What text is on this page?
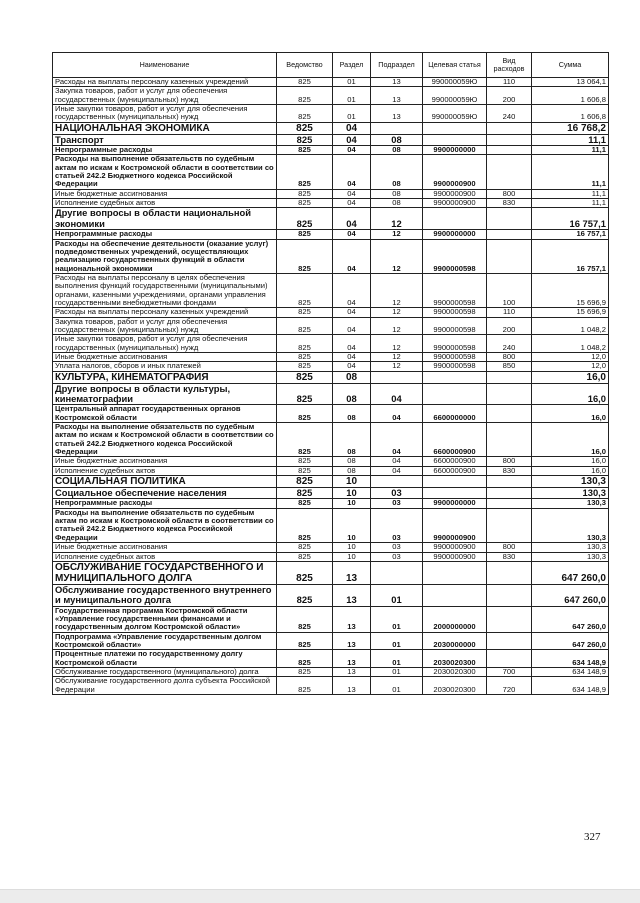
Наименование	Ведомство	Раздел	Подраздел	Целевая статья	Вид расходов	Сумма
Расходы на выплаты персоналу казенных учреждений	825	01	13	990000059Ю	110	13 064,1
Закупка товаров, работ и услуг для обеспечения государственных (муниципальных) нужд	825	01	13	990000059Ю	200	1 606,8
Иные закупки товаров, работ и услуг для обеспечения государственных (муниципальных) нужд	825	01	13	990000059Ю	240	1 606,8
НАЦИОНАЛЬНАЯ ЭКОНОМИКА	825	04				16 768,2
Транспорт	825	04	08			11,1
Непрограммные расходы	825	04	08	9900000000		11,1
Расходы на выполнение обязательств по судебным актам по искам к Костромской области в соответствии со статьей 242.2 Бюджетного кодекса Российской Федерации	825	04	08	9900000900		11,1
Иные бюджетные ассигнования	825	04	08	9900000900	800	11,1
Исполнение судебных актов	825	04	08	9900000900	830	11,1
Другие вопросы в области национальной экономики	825	04	12			16 757,1
Непрограммные расходы	825	04	12	9900000000		16 757,1
Расходы на обеспечение деятельности (оказание услуг) подведомственных учреждений, осуществляющих реализацию государственных функций в области национальной экономики	825	04	12	9900000598		16 757,1
Расходы на выплаты персоналу в целях обеспечения выполнения функций государственными (муниципальными) органами, казенными учреждениями, органами управления государственными внебюджетными фондами	825	04	12	9900000598	100	15 696,9
Расходы на выплаты персоналу казенных учреждений	825	04	12	9900000598	110	15 696,9
Закупка товаров, работ и услуг для обеспечения государственных (муниципальных) нужд	825	04	12	9900000598	200	1 048,2
Иные закупки товаров, работ и услуг для обеспечения государственных (муниципальных) нужд	825	04	12	9900000598	240	1 048,2
Иные бюджетные ассигнования	825	04	12	9900000598	800	12,0
Уплата налогов, сборов и иных платежей	825	04	12	9900000598	850	12,0
КУЛЬТУРА, КИНЕМАТОГРАФИЯ	825	08				16,0
Другие вопросы в области культуры, кинематографии	825	08	04			16,0
Центральный аппарат государственных органов Костромской области	825	08	04	6600000000		16,0
Расходы на выполнение обязательств по судебным актам по искам к Костромской области в соответствии со статьей 242.2 Бюджетного кодекса Российской Федерации	825	08	04	6600000900		16,0
Иные бюджетные ассигнования	825	08	04	6600000900	800	16,0
Исполнение судебных актов	825	08	04	6600000900	830	16,0
СОЦИАЛЬНАЯ ПОЛИТИКА	825	10				130,3
Социальное обеспечение населения	825	10	03			130,3
Непрограммные расходы	825	10	03	9900000000		130,3
Расходы на выполнение обязательств по судебным актам по искам к Костромской области в соответствии со статьей 242.2 Бюджетного кодекса Российской Федерации	825	10	03	9900000900		130,3
Иные бюджетные ассигнования	825	10	03	9900000900	800	130,3
Исполнение судебных актов	825	10	03	9900000900	830	130,3
ОБСЛУЖИВАНИЕ ГОСУДАРСТВЕННОГО И МУНИЦИПАЛЬНОГО ДОЛГА	825	13				647 260,0
Обслуживание государственного внутреннего и муниципального долга	825	13	01			647 260,0
Государственная программа Костромской области «Управление государственными финансами и государственным долгом Костромской области»	825	13	01	2000000000		647 260,0
Подпрограмма «Управление государственным долгом Костромской области»	825	13	01	2030000000		647 260,0
Процентные платежи по государственному долгу Костромской области	825	13	01	2030020300		634 148,9
Обслуживание государственного (муниципального) долга	825	13	01	2030020300	700	634 148,9
Обслуживание государственного долга субъекта Российской Федерации	825	13	01	2030020300	720	634 148,9
327
